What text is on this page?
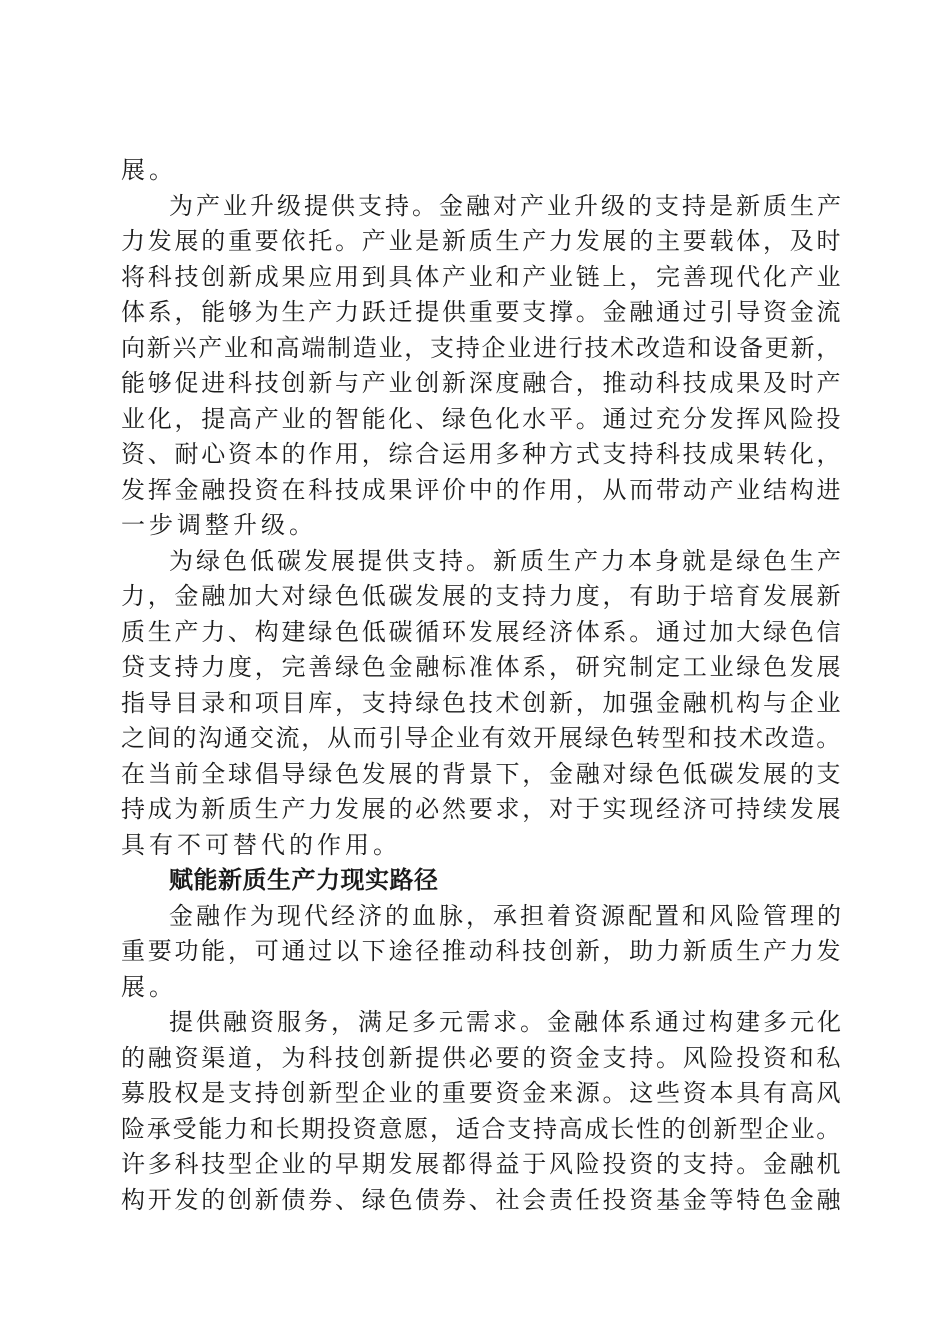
展。
为产业升级提供支持。金融对产业升级的支持是新质生产
力发展的重要依托。产业是新质生产力发展的主要载体，及时
将科技创新成果应用到具体产业和产业链上，完善现代化产业
体系，能够为生产力跃迁提供重要支撑。金融通过引导资金流
向新兴产业和高端制造业，支持企业进行技术改造和设备更新，
能够促进科技创新与产业创新深度融合，推动科技成果及时产
业化，提高产业的智能化、绿色化水平。通过充分发挥风险投
资、耐心资本的作用，综合运用多种方式支持科技成果转化，
发挥金融投资在科技成果评价中的作用，从而带动产业结构进
一步调整升级。
为绿色低碳发展提供支持。新质生产力本身就是绿色生产
力，金融加大对绿色低碳发展的支持力度，有助于培育发展新
质生产力、构建绿色低碳循环发展经济体系。通过加大绿色信
贷支持力度，完善绿色金融标准体系，研究制定工业绿色发展
指导目录和项目库，支持绿色技术创新，加强金融机构与企业
之间的沟通交流，从而引导企业有效开展绿色转型和技术改造。
在当前全球倡导绿色发展的背景下，金融对绿色低碳发展的支
持成为新质生产力发展的必然要求，对于实现经济可持续发展
具有不可替代的作用。
赋能新质生产力现实路径
金融作为现代经济的血脉，承担着资源配置和风险管理的
重要功能，可通过以下途径推动科技创新，助力新质生产力发
展。
提供融资服务，满足多元需求。金融体系通过构建多元化
的融资渠道，为科技创新提供必要的资金支持。风险投资和私
募股权是支持创新型企业的重要资金来源。这些资本具有高风
险承受能力和长期投资意愿，适合支持高成长性的创新型企业。
许多科技型企业的早期发展都得益于风险投资的支持。金融机
构开发的创新债券、绿色债券、社会责任投资基金等特色金融
